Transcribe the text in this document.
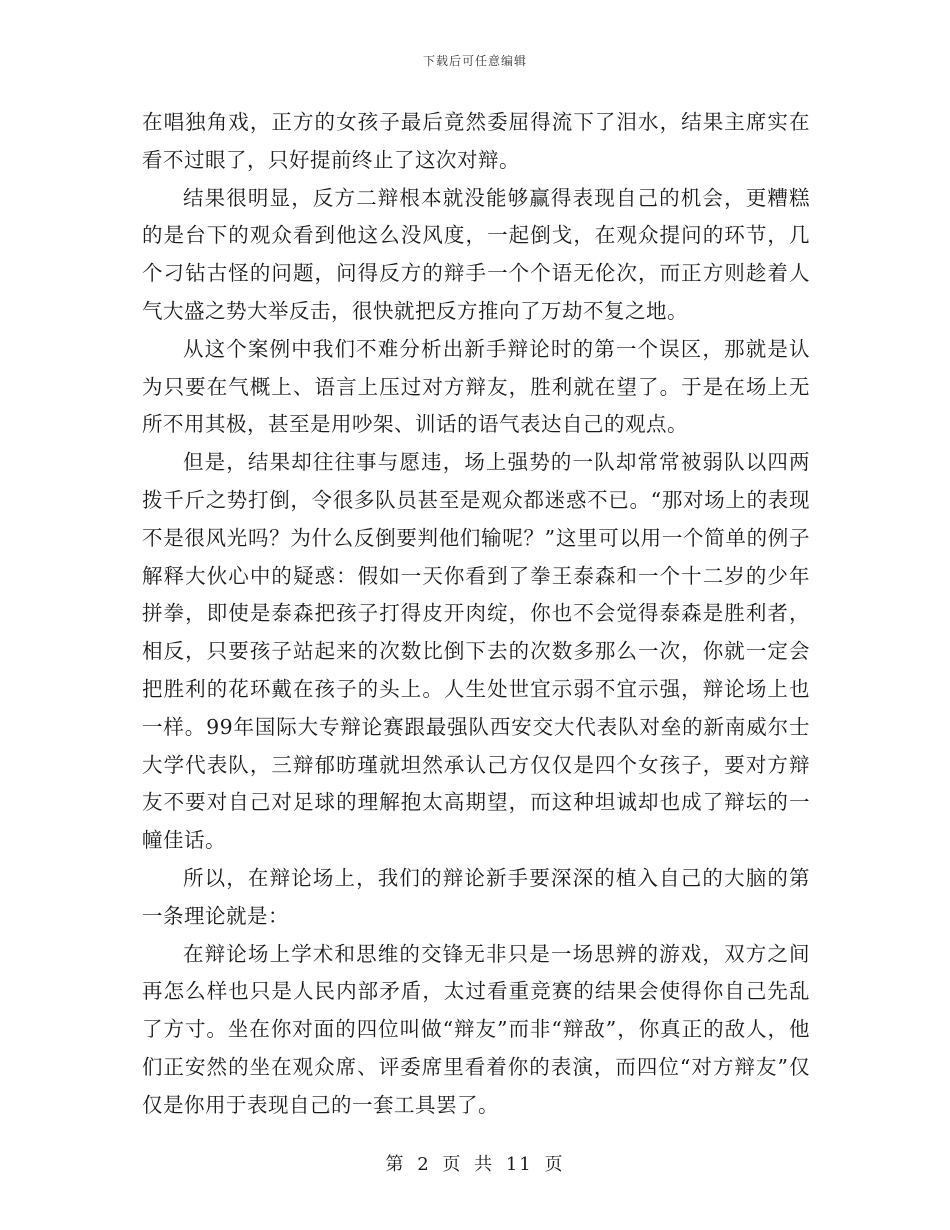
下载后可任意编辑

在唱独角戏，正方的女孩子最后竟然委屈得流下了泪水，结果主席实在看不过眼了，只好提前终止了这次对辩。

结果很明显，反方二辩根本就没能够赢得表现自己的机会，更糟糕的是台下的观众看到他这么没风度，一起倒戈，在观众提问的环节，几个刁钻古怪的问题，问得反方的辩手一个个语无伦次，而正方则趁着人气大盛之势大举反击，很快就把反方推向了万劫不复之地。

从这个案例中我们不难分析出新手辩论时的第一个误区，那就是认为只要在气概上、语言上压过对方辩友，胜利就在望了。于是在场上无所不用其极，甚至是用吵架、训话的语气表达自己的观点。

但是，结果却往往事与愿违，场上强势的一队却常常被弱队以四两拨千斤之势打倒，令很多队员甚至是观众都迷惑不已。“那对场上的表现不是很风光吗？为什么反倒要判他们输呢？”这里可以用一个简单的例子解释大伙心中的疑惑：假如一天你看到了拳王泰森和一个十二岁的少年拼拳，即使是泰森把孩子打得皮开肉绽，你也不会觉得泰森是胜利者，相反，只要孩子站起来的次数比倒下去的次数多那么一次，你就一定会把胜利的花环戴在孩子的头上。人生处世宜示弱不宜示强，辩论场上也一样。99年国际大专辩论赛跟最强队西安交大代表队对垒的新南威尔士大学代表队，三辩郁昉瑾就坦然承认己方仅仅是四个女孩子，要对方辩友不要对自己对足球的理解抱太高期望，而这种坦诚却也成了辩坛的一幢佳话。

所以，在辩论场上，我们的辩论新手要深深的植入自己的大脑的第一条理论就是：

在辩论场上学术和思维的交锋无非只是一场思辨的游戏，双方之间再怎么样也只是人民内部矛盾，太过看重竞赛的结果会使得你自己先乱了方寸。坐在你对面的四位叫做“辩友”而非“辩敌”，你真正的敌人，他们正安然的坐在观众席、评委席里看着你的表演，而四位“对方辩友”仅仅是你用于表现自己的一套工具罢了。

第 2 页 共 11 页
